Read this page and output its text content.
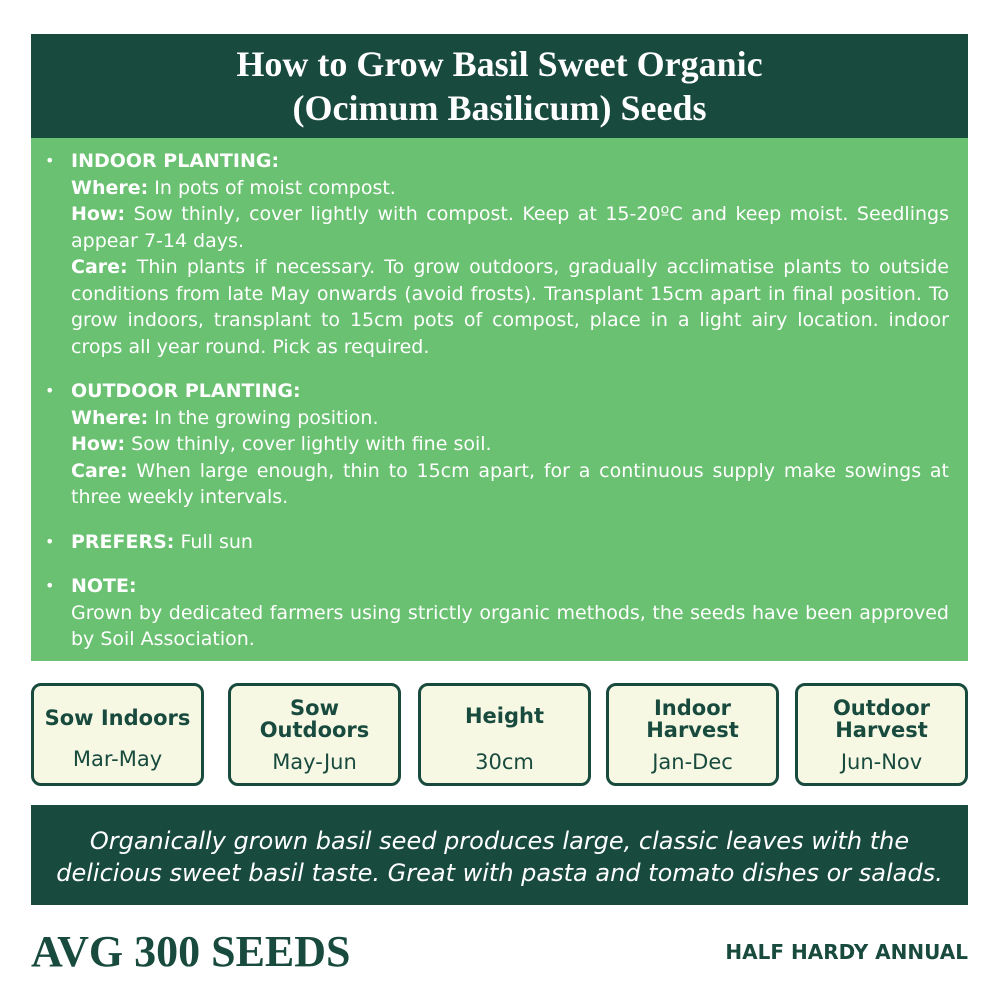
How to Grow Basil Sweet Organic
(Ocimum Basilicum) Seeds
• INDOOR PLANTING:

Where: In pots of moist compost.

How: Sow thinly, cover lightly with compost. Keep at 15-20ºC and keep moist. Seedlings appear 7-14 days.

Care: Thin plants if necessary. To grow outdoors, gradually acclimatise plants to outside conditions from late May onwards (avoid frosts). Transplant 15cm apart in final position. To grow indoors, transplant to 15cm pots of compost, place in a light airy location. indoor crops all year round. Pick as required.

• OUTDOOR PLANTING:

Where: In the growing position.

How: Sow thinly, cover lightly with fine soil.

Care: When large enough, thin to 15cm apart, for a continuous supply make sowings at three weekly intervals.

• PREFERS: Full sun

• NOTE:

Grown by dedicated farmers using strictly organic methods, the seeds have been approved by Soil Association.

Sow Indoors
Mar-May
Sow
Outdoors
May-Jun
Height
30cm
Indoor
Harvest
Jan-Dec
Outdoor
Harvest
Jun-Nov
Organically grown basil seed produces large, classic leaves with the
delicious sweet basil taste. Great with pasta and tomato dishes or salads.
AVG 300 SEEDS	HALF HARDY ANNUAL
